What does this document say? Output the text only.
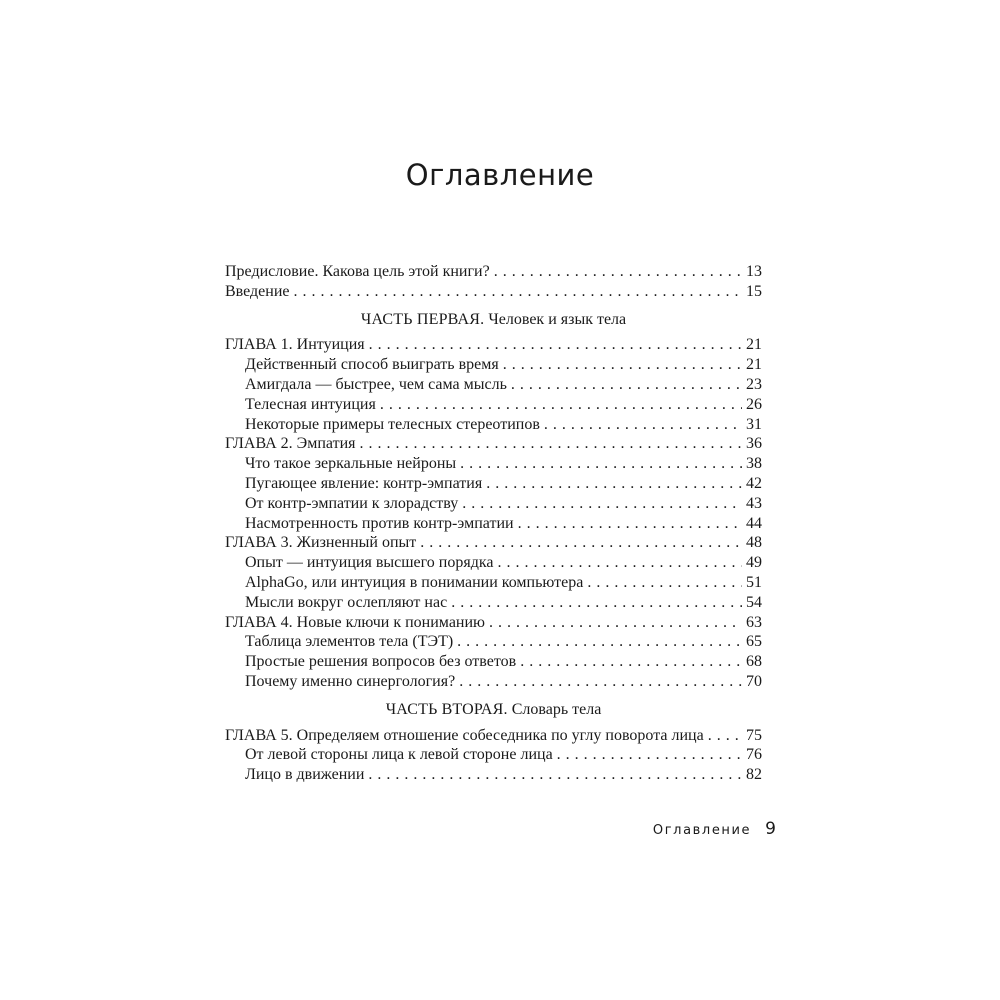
Оглавление
Предисловие. Какова цель этой книги? . . .	13
Введение . . .	15
ЧАСТЬ ПЕРВАЯ. Человек и язык тела
ГЛАВА 1. Интуиция . . .	21
Действенный способ выиграть время . . .	21
Амигдала — быстрее, чем сама мысль . . .	23
Телесная интуиция . . .	26
Некоторые примеры телесных стереотипов . . .	31
ГЛАВА 2. Эмпатия . . .	36
Что такое зеркальные нейроны . . .	38
Пугающее явление: контр-эмпатия . . .	42
От контр-эмпатии к злорадству . . .	43
Насмотренность против контр-эмпатии . . .	44
ГЛАВА 3. Жизненный опыт . . .	48
Опыт — интуиция высшего порядка . . .	49
AlphaGo, или интуиция в понимании компьютера . . .	51
Мысли вокруг ослепляют нас . . .	54
ГЛАВА 4. Новые ключи к пониманию . . .	63
Таблица элементов тела (ТЭТ) . . .	65
Простые решения вопросов без ответов . . .	68
Почему именно синергология? . . .	70
ЧАСТЬ ВТОРАЯ. Словарь тела
ГЛАВА 5. Определяем отношение собеседника по углу поворота лица . . .	75
От левой стороны лица к левой стороне лица . . .	76
Лицо в движении . . .	82
Оглавление 9
